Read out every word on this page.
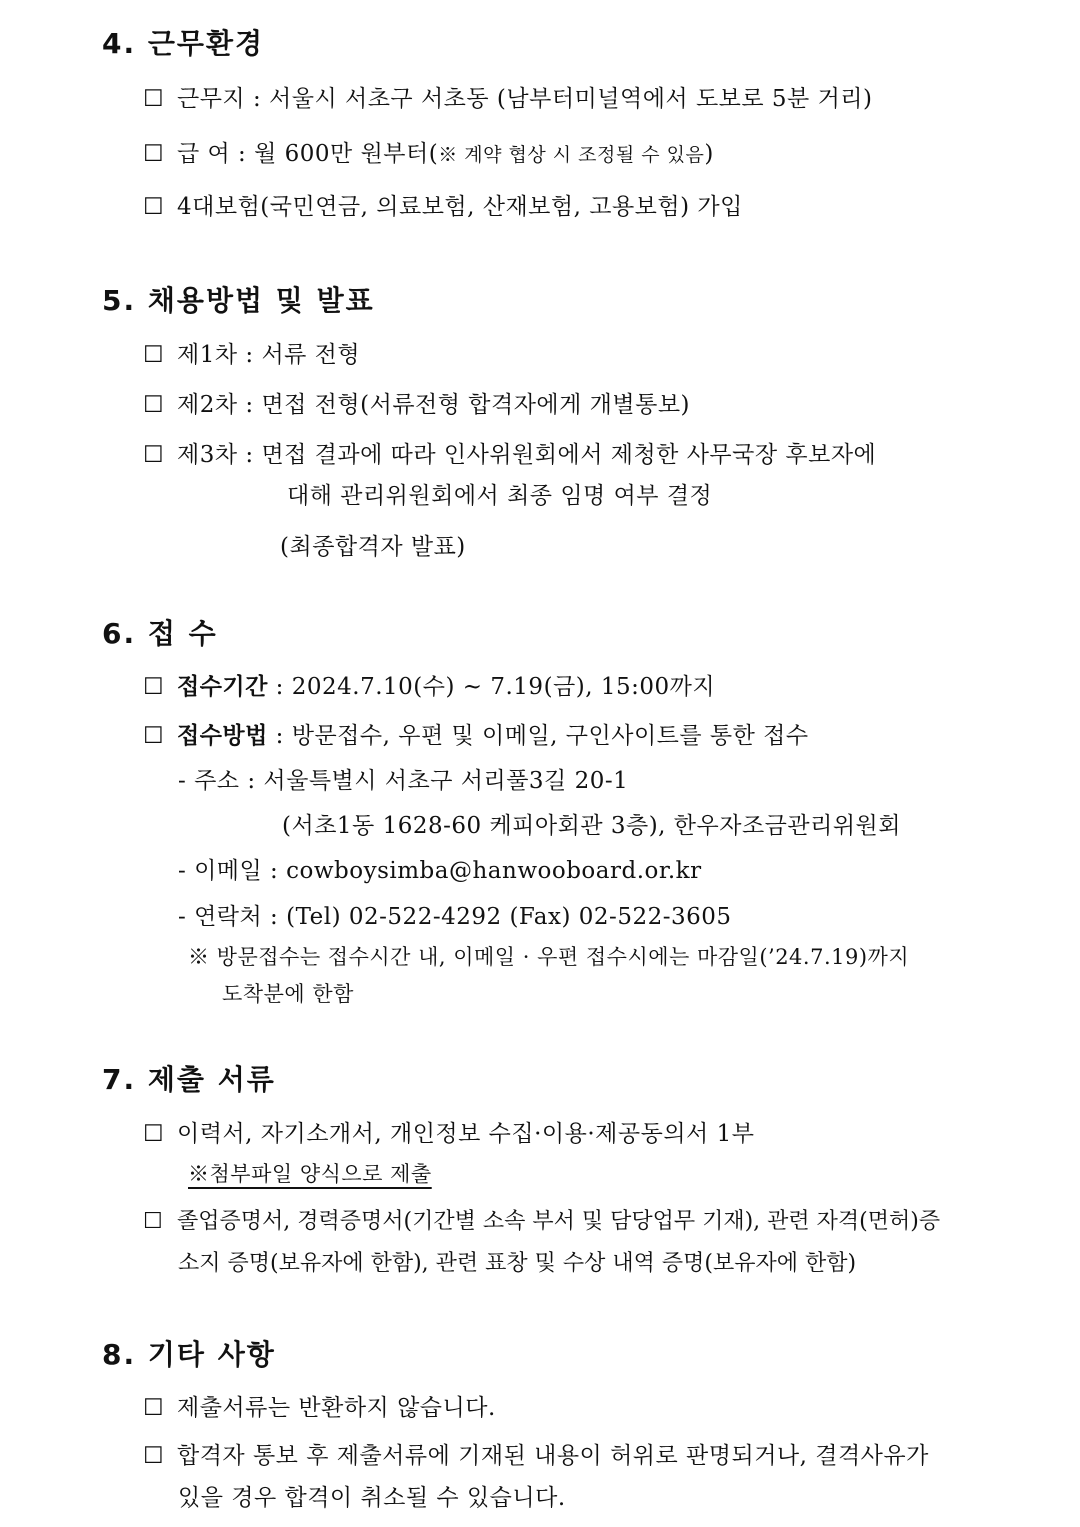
4. 근무환경
☐ 근무지 : 서울시 서초구 서초동 (남부터미널역에서 도보로 5분 거리)
☐ 급 여 : 월 600만 원부터(※ 계약 협상 시 조정될 수 있음)
☐ 4대보험(국민연금, 의료보험, 산재보험, 고용보험) 가입
5. 채용방법 및 발표
☐ 제1차 : 서류 전형
☐ 제2차 : 면접 전형(서류전형 합격자에게 개별통보)
☐ 제3차 : 면접 결과에 따라 인사위원회에서 제청한 사무국장 후보자에
대해 관리위원회에서 최종 임명 여부 결정
(최종합격자 발표)
6. 접 수
☐ 접수기간 : 2024.7.10(수) ~ 7.19(금), 15:00까지
☐ 접수방법 : 방문접수, 우편 및 이메일, 구인사이트를 통한 접수
- 주소 : 서울특별시 서초구 서리풀3길 20-1
(서초1동 1628-60 케피아회관 3층), 한우자조금관리위원회
- 이메일 : cowboysimba@hanwooboard.or.kr
- 연락처 : (Tel) 02-522-4292 (Fax) 02-522-3605
※ 방문접수는 접수시간 내, 이메일 · 우편 접수시에는 마감일(’24.7.19)까지
도착분에 한함
7. 제출 서류
☐ 이력서, 자기소개서, 개인정보 수집·이용·제공동의서 1부
※첨부파일 양식으로 제출
☐ 졸업증명서, 경력증명서(기간별 소속 부서 및 담당업무 기재), 관련 자격(면허)증
소지 증명(보유자에 한함), 관련 표창 및 수상 내역 증명(보유자에 한함)
8. 기타 사항
☐ 제출서류는 반환하지 않습니다.
☐ 합격자 통보 후 제출서류에 기재된 내용이 허위로 판명되거나, 결격사유가
있을 경우 합격이 취소될 수 있습니다.
